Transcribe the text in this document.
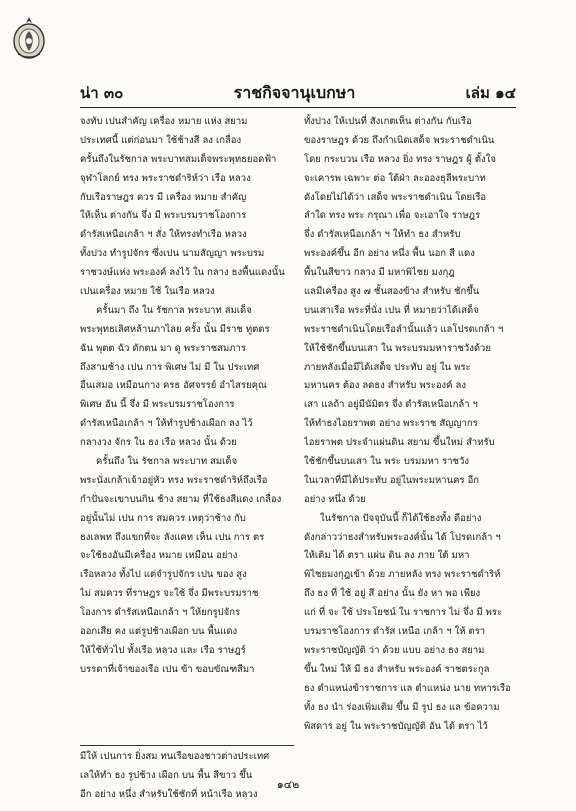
น่า ๓๐	ราชกิจจานุเบกษา	เล่ม ๑๔
จงทับ เปนสำคัญ เครื่อง หมาย แห่ง สยาม
ประเทศนี้ แต่ก่อนมา ใช้ช้างสี ลง เกลื่อง
ครั้นถึงในรัชกาล พระบาทสมเด็จพระพุทธยอดฟ้า
จุฬาโลกย์ ทรง พระราชดำริห์ว่า เรือ หลวง
กับเรือราษฎร ควร มี เครื่อง หมาย สำคัญ
ให้เห็น ต่างกัน จึ่ง มี พระบรมราชโองการ
ดำรัสเหนือเกล้า ฯ สั่ง ให้ทรงทำเรือ หลวง
ทั้งปวง ทำรูปจักร ซึ่งเปน นามสัญญา พระบรม
ราชวงษ์แห่ง พระองค์ ลงไว้ ใน กลาง ธงพื้นแดงนั้น
เปนเครื่อง หมาย ใช้ ในเรือ หลวง
ครั้นมา ถึง ใน รัชกาล พระบาท สมเด็จ
พระพุทธเลิศหล้านภาไลย ครั้ง นั้น มีราช ทูตตร
ฉัน พุตต ฉัว ดักตน มา ดู พระราชสมภาร
ถึงสามช้าง เปน การ พิเศษ ไม่ มี ใน ประเทศ
อื่นเสมอ เหมือนกาง ครธ อัศจรรย์ อำไสรยคุณ
พิเศษ อัน นี้ จึ่ง มี พระบรมราชโองการ
ดำรัสเหนือเกล้า ฯ ให้ทำรูปช้างเผือก ลง ไว้
กลางวง จักร ใน ธง เรือ หลวง นั้น ด้วย
ครั้นถึง ใน รัชกาล พระบาท สมเด็จ
พระนั่งเกล้าเจ้าอยู่หัว ทรง พระราชดำริห์ถึงเรือ
กำปั่นจะเขาบนกิน ช้าง สยาม ที่ใช้ธงสีแดง เกลื่อง
อยู่นั้นไม่ เปน การ สมควร เหตุว่าช้าง กับ
ธงเลพท ถึงแขกที่จะ ลังแคท เห็น เปน การ ตร
จะใช้ธงอันมีเครื่อง หมาย เหมือน อย่าง
เรือหลวง ทั้งไป แต่จำรูปจักร เปน ของ สูง
ไม่ สมควร ที่ราษฎร จะใช้ จึ่ง มีพระบรมราช
โองการ ดำรัสเหนือเกล้า ฯ ให้ยกรูปจักร
ออกเสีย คง แต่รูปช้างเผือก บน พื้นแดง
ให้ใช้ทั่วไป ทั้งเรือ หลวง และ เรือ ราษฎร์
บรรดาที่เจ้าของเรือ เปน ข้า ขอบขัณฑสีมา
มีให้ เปนการ ยิ่งสม ทนเรือของชาวต่างประเทศ
เลให้ทำ ธง รูปช้าง เผือก บน พื้น สีขาว ขึ้น
อีก อย่าง หนึ่ง สำหรับใช้ชักที่ หน้าเรือ หลวง
ทั้งปวง ให้เปนที่ สังเกตเห็น ต่างกัน กับเรือ
ของราษฎร ด้วย ถึงกำเนิดเสด็จ พระราชดำเนิน
โดย กระบวน เรือ หลวง ยิ่ง ทรง ราษฎร ผู้ ตั้งใจ
จะเคารพ เฉพาะ ต่อ ใต้ฝ่า ละอองธุลีพระบาท
ดังโดยไม่ได้ว่า เสด็จ พระราชดำเนิน โดยเรือ
ลำใด ทรง พระ กรุณา เพื่อ จะเอาใจ ราษฎร
จึ่ง ดำรัสเหนือเกล้า ฯ ให้ทำ ธง สำหรับ
พระองค์ขึ้น อีก อย่าง หนึ่ง พื้น นอก สี แดง
พื้นในสีขาว กลาง มี มหาพิไชย มงกุฎ
แลมีเครื่อง สูง ๗ ชั้นสองข้าง สำหรับ ชักขึ้น
บนเสาเรือ พระที่นั่ง เปน ที่ หมายว่าได้เสด็จ
พระราชดำเนินโดยเรือลำนั้นแล้ว แลโปรดเกล้า ฯ
ให้ใช้ชักขึ้นบนเสา ใน พระบรมมหาราชวังด้วย
ภายหลังเมื่อมีได้เสด็จ ประทับ อยู่ ใน พระ
มหานคร ต้อง ลดธง สำหรับ พระองค์ ลง
เสา แลถ้า อยู่มีนัมิตร จึ่ง ดำรัสเหนือเกล้า ฯ
ให้ทำธงไอยราพต อย่าง พระราช สัญญากร
ไอยราพต ประจำแผ่นดิน สยาม ขึ้นใหม่ สำหรับ
ใช้ชักขึ้นบนเสา ใน พระ บรมมหา ราชวัง
ในเวลาที่มีได้ประทับ อยู่ในพระมหานคร อีก
อย่าง หนึ่ง ด้วย
ในรัชกาล ปัจจุบันนี้ ก็ได้ใช้ธงทั้ง ดีอย่าง
ดังกล่าวว่าธงสำหรับพระองค์นั้น ได้ โปรดเกล้า ฯ
ให้เติม ได้ ตรา แผ่น ดิน ลง ภาย ใต้ มหา
พิไชยมงกุฎเข้า ด้วย ภายหลัง ทรง พระราชดำริห์
ถึง ธง ที่ ใช้ อยู่ สี อย่าง นั้น ยัง หา พอ เพียง
แก่ ที่ จะ ใช้ ประโยชน์ ใน ราชการ ไม่ จึ่ง มี พระ
บรมราชโองการ ดำรัส เหนือ เกล้า ฯ ให้ ตรา
พระราชบัญญัติ ว่า ด้วย แบบ อย่าง ธง สยาม
ขึ้น ใหม่ ให้ มี ธง สำหรับ พระองค์ ราชตระกูล
ธง ตำแหน่งข้าราชการ แล ตำแหน่ง นาย ทหารเรือ
ทั้ง ธง นำ ร่องเพิ่มเติม ขึ้น มี รูป ธง แล ข้อความ
พิสดาร อยู่ ใน พระราชบัญญัติ อัน ได้ ตรา ไว้
๑๔๒
